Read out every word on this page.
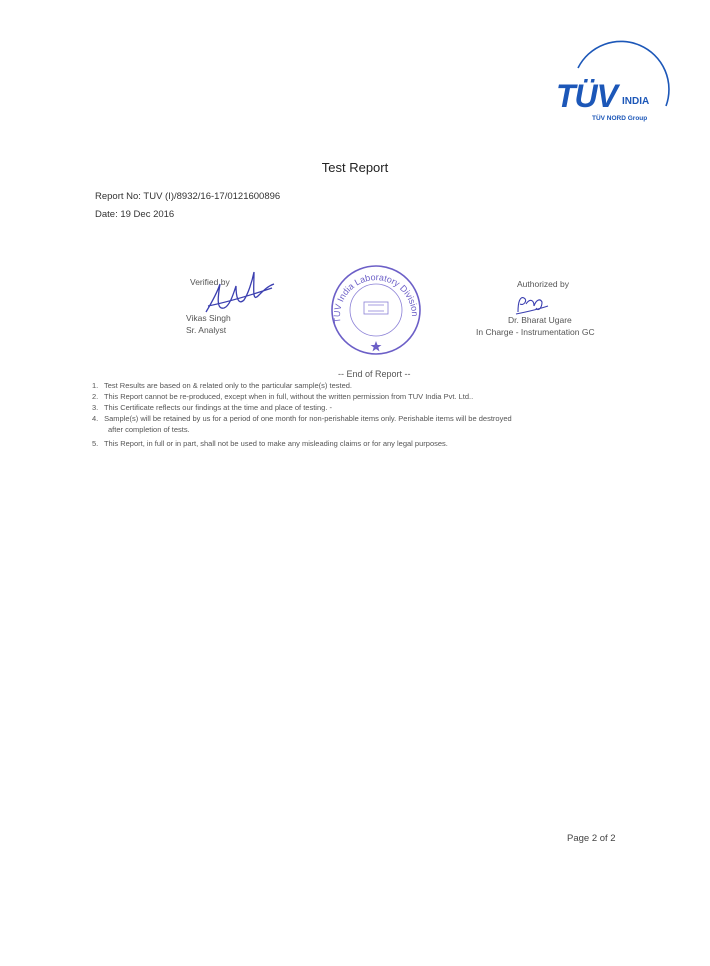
TÜV INDIA
TÜV NORD Group
Test Report
Report No: TUV (I)/8932/16-17/0121600896
Date: 19 Dec 2016
Verified by
Vikas Singh
Sr. Analyst
TUV India Laboratory Division
Authorized by
Dr. Bharat Ugare
In Charge - Instrumentation GC
-- End of Report --
1. Test Results are based on & related only to the particular sample(s) tested.
2. This Report cannot be re-produced, except when in full, without the written permission from TUV India Pvt. Ltd..
3. This Certificate reflects our findings at the time and place of testing. -
4. Sample(s) will be retained by us for a period of one month for non-perishable items only. Perishable items will be destroyed
after completion of tests.
5. This Report, in full or in part, shall not be used to make any misleading claims or for any legal purposes.
Page 2 of 2
